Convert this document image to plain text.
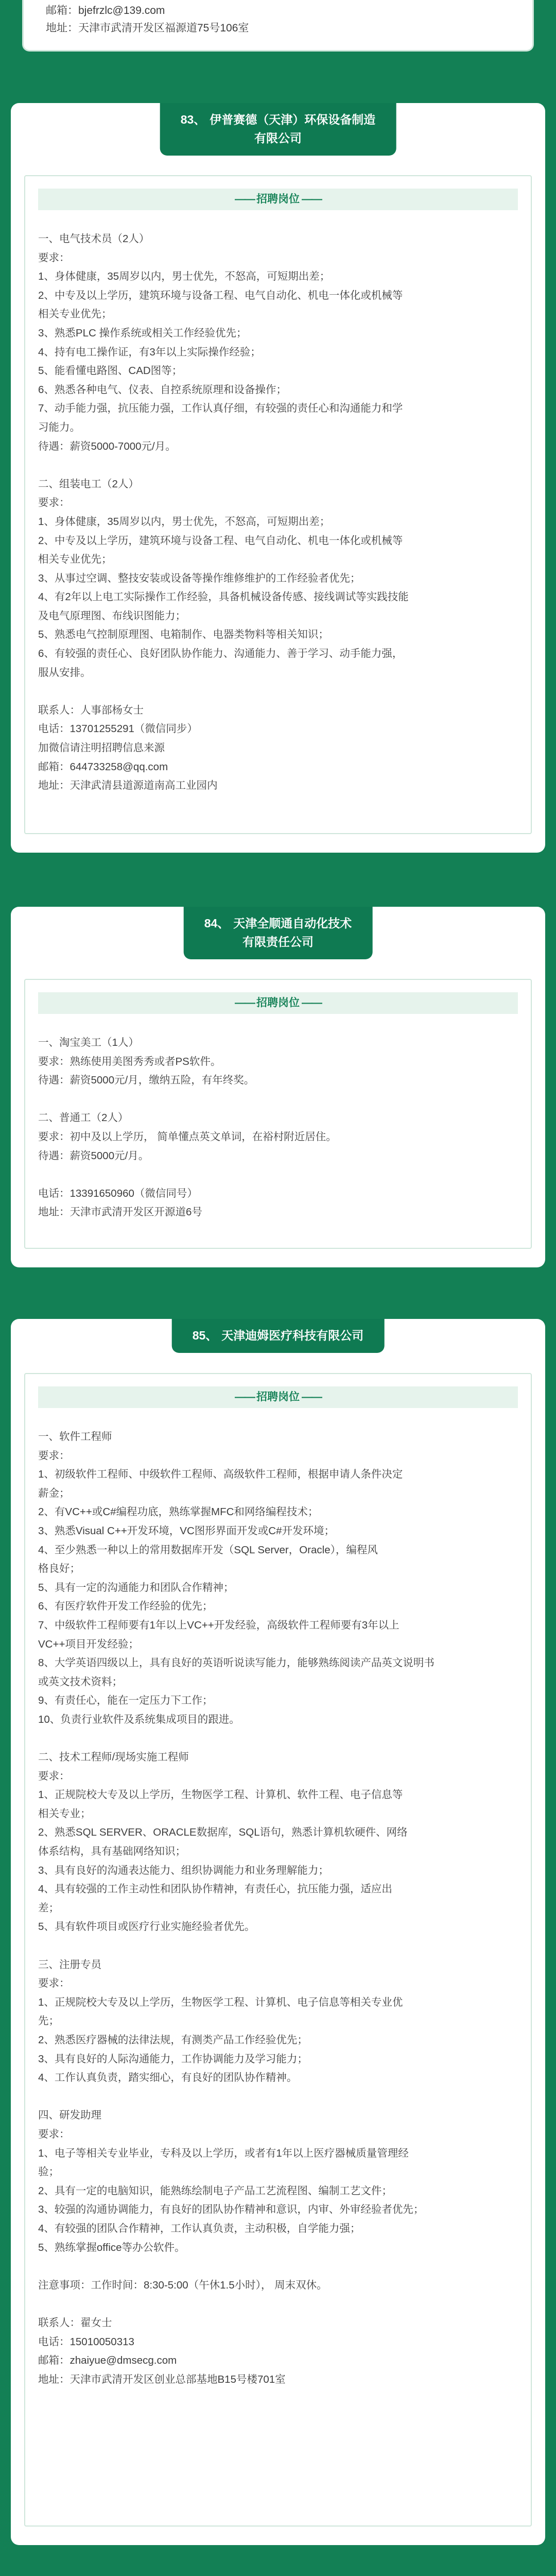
邮箱：bjefrzlc@139.com
地址：天津市武清开发区福源道75号106室
83、 伊普赛德（天津）环保设备制造
有限公司
—— 招聘岗位 ——

一、电气技术员（2人）

要求：

1、身体健康，35周岁以内，男士优先，不怒高，可短期出差；

2、中专及以上学历，建筑环境与设备工程、电气自动化、机电一体化或机械等

相关专业优先；

3、熟悉PLC 操作系统或相关工作经验优先；

4、持有电工操作证，有3年以上实际操作经验；

5、能看懂电路图、CAD图等；

6、熟悉各种电气、仪表、自控系统原理和设备操作；

7、动手能力强，抗压能力强，工作认真仔细，有较强的责任心和沟通能力和学

习能力。

待遇：薪资5000-7000元/月。

二、组装电工（2人）

要求：

1、身体健康，35周岁以内，男士优先，不怒高，可短期出差；

2、中专及以上学历，建筑环境与设备工程、电气自动化、机电一体化或机械等

相关专业优先；

3、从事过空调、整技安装或设备等操作维修维护的工作经验者优先；

4、有2年以上电工实际操作工作经验，具备机械设备传感、接线调试等实践技能

及电气原理图、布线识图能力；

5、熟悉电气控制原理图、电箱制作、电器类物料等相关知识；

6、有较强的责任心、良好团队协作能力、沟通能力、善于学习、动手能力强，

服从安排。

联系人：人事部杨女士

电话：13701255291（微信同步）

加微信请注明招聘信息来源

邮箱：644733258@qq.com

地址：天津武清县道源道南高工业园内

84、 天津全顺通自动化技术
有限责任公司
—— 招聘岗位 ——

一、淘宝美工（1人）

要求：熟练使用美图秀秀或者PS软件。

待遇：薪资5000元/月，缴纳五险，有年终奖。

二、普通工（2人）

要求：初中及以上学历， 简单懂点英文单词，在裕村附近居住。

待遇：薪资5000元/月。

电话：13391650960（微信同号）

地址：天津市武清开发区开源道6号

85、 天津迪姆医疗科技有限公司
—— 招聘岗位 ——

一、软件工程师

要求：

1、初级软件工程师、中级软件工程师、高级软件工程师，根据申请人条件决定

薪金；

2、有VC++或C#编程功底，熟练掌握MFC和网络编程技术；

3、熟悉Visual C++开发环境，VC图形界面开发或C#开发环境；

4、至少熟悉一种以上的常用数据库开发（SQL Server，Oracle），编程风

格良好；

5、具有一定的沟通能力和团队合作精神；

6、有医疗软件开发工作经验的优先；

7、中级软件工程师要有1年以上VC++开发经验，高级软件工程师要有3年以上

VC++项目开发经验；

8、大学英语四级以上，具有良好的英语听说读写能力，能够熟练阅读产品英文说明书

或英文技术资料；

9、有责任心，能在一定压力下工作；

10、负责行业软件及系统集成项目的跟进。

二、技术工程师/现场实施工程师

要求：

1、正规院校大专及以上学历，生物医学工程、计算机、软件工程、电子信息等

相关专业；

2、熟悉SQL SERVER、ORACLE数据库，SQL语句，熟悉计算机软硬件、网络

体系结构，具有基础网络知识；

3、具有良好的沟通表达能力、组织协调能力和业务理解能力；

4、具有较强的工作主动性和团队协作精神，有责任心，抗压能力强，适应出

差；

5、具有软件项目或医疗行业实施经验者优先。

三、注册专员

要求：

1、正规院校大专及以上学历，生物医学工程、计算机、电子信息等相关专业优

先；

2、熟悉医疗器械的法律法规，有测类产品工作经验优先；

3、具有良好的人际沟通能力，工作协调能力及学习能力；

4、工作认真负责，踏实细心，有良好的团队协作精神。

四、研发助理

要求：

1、电子等相关专业毕业，专科及以上学历，或者有1年以上医疗器械质量管理经

验；

2、具有一定的电脑知识，能熟练绘制电子产品工艺流程图、编制工艺文件；

3、较强的沟通协调能力，有良好的团队协作精神和意识，内审、外审经验者优先；

4、有较强的团队合作精神，工作认真负责，主动积极，自学能力强；

5、熟练掌握office等办公软件。

注意事项：工作时间：8:30-5:00（午休1.5小时）， 周末双休。

联系人：翟女士

电话：15010050313

邮箱：zhaiyue@dmsecg.com

地址：天津市武清开发区创业总部基地B15号楼701室
